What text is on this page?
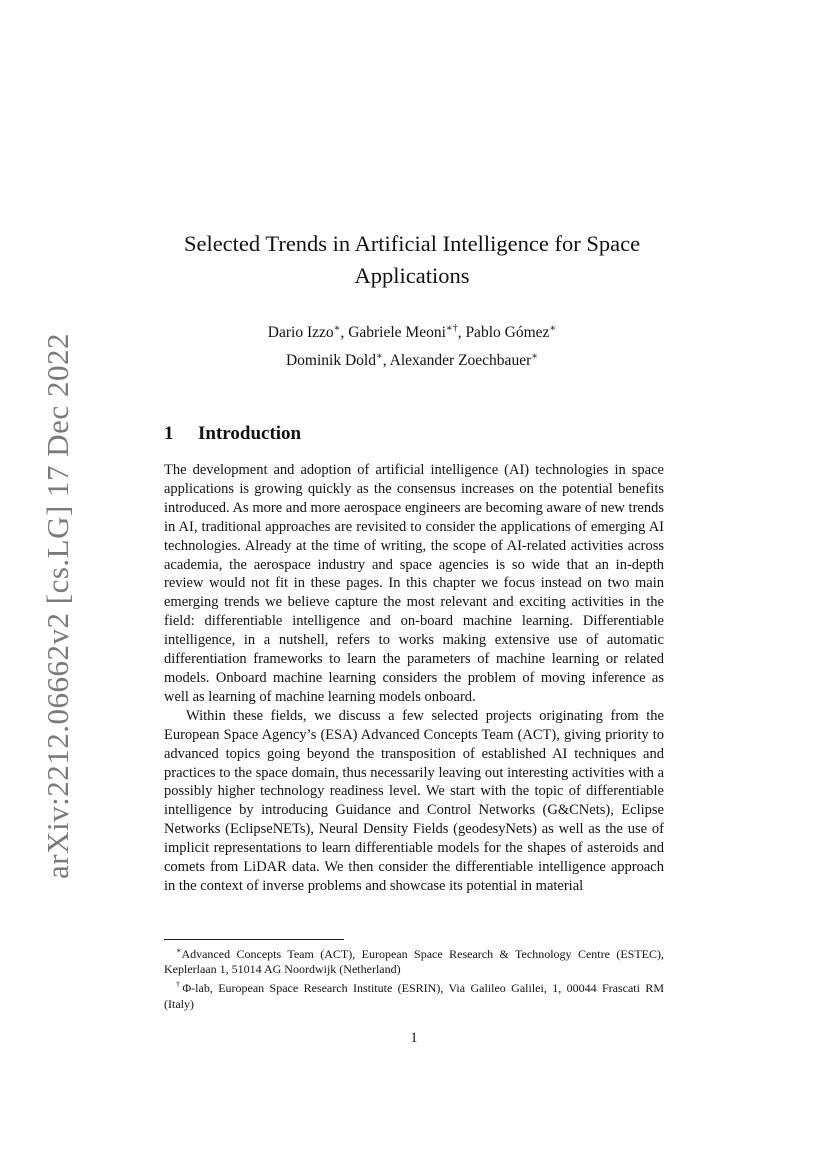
arXiv:2212.06662v2 [cs.LG] 17 Dec 2022
Selected Trends in Artificial Intelligence for Space Applications
Dario Izzo∗, Gabriele Meoni∗†, Pablo Gómez∗
Dominik Dold∗, Alexander Zoechbauer∗
1 Introduction

The development and adoption of artificial intelligence (AI) technologies in space applications is growing quickly as the consensus increases on the potential benefits introduced. As more and more aerospace engineers are becoming aware of new trends in AI, traditional approaches are revisited to consider the applications of emerging AI technologies. Already at the time of writing, the scope of AI-related activities across academia, the aerospace industry and space agencies is so wide that an in-depth review would not fit in these pages. In this chapter we focus instead on two main emerging trends we believe capture the most relevant and exciting activities in the field: differentiable intelligence and on-board machine learning. Differentiable intelligence, in a nutshell, refers to works making extensive use of automatic differentiation frameworks to learn the parameters of machine learning or related models. Onboard machine learning considers the problem of moving inference as well as learning of machine learning models onboard.

Within these fields, we discuss a few selected projects originating from the European Space Agency’s (ESA) Advanced Concepts Team (ACT), giving priority to advanced topics going beyond the transposition of established AI techniques and practices to the space domain, thus necessarily leaving out interesting activities with a possibly higher technology readiness level. We start with the topic of differentiable intelligence by introducing Guidance and Control Networks (G&CNets), Eclipse Networks (EclipseNETs), Neural Density Fields (geodesyNets) as well as the use of implicit representations to learn differentiable models for the shapes of asteroids and comets from LiDAR data. We then consider the differentiable intelligence approach in the context of inverse problems and showcase its potential in material

∗Advanced Concepts Team (ACT), European Space Research & Technology Centre (ESTEC), Keplerlaan 1, 51014 AG Noordwijk (Netherland)

†Φ-lab, European Space Research Institute (ESRIN), Via Galileo Galilei, 1, 00044 Frascati RM (Italy)

1
